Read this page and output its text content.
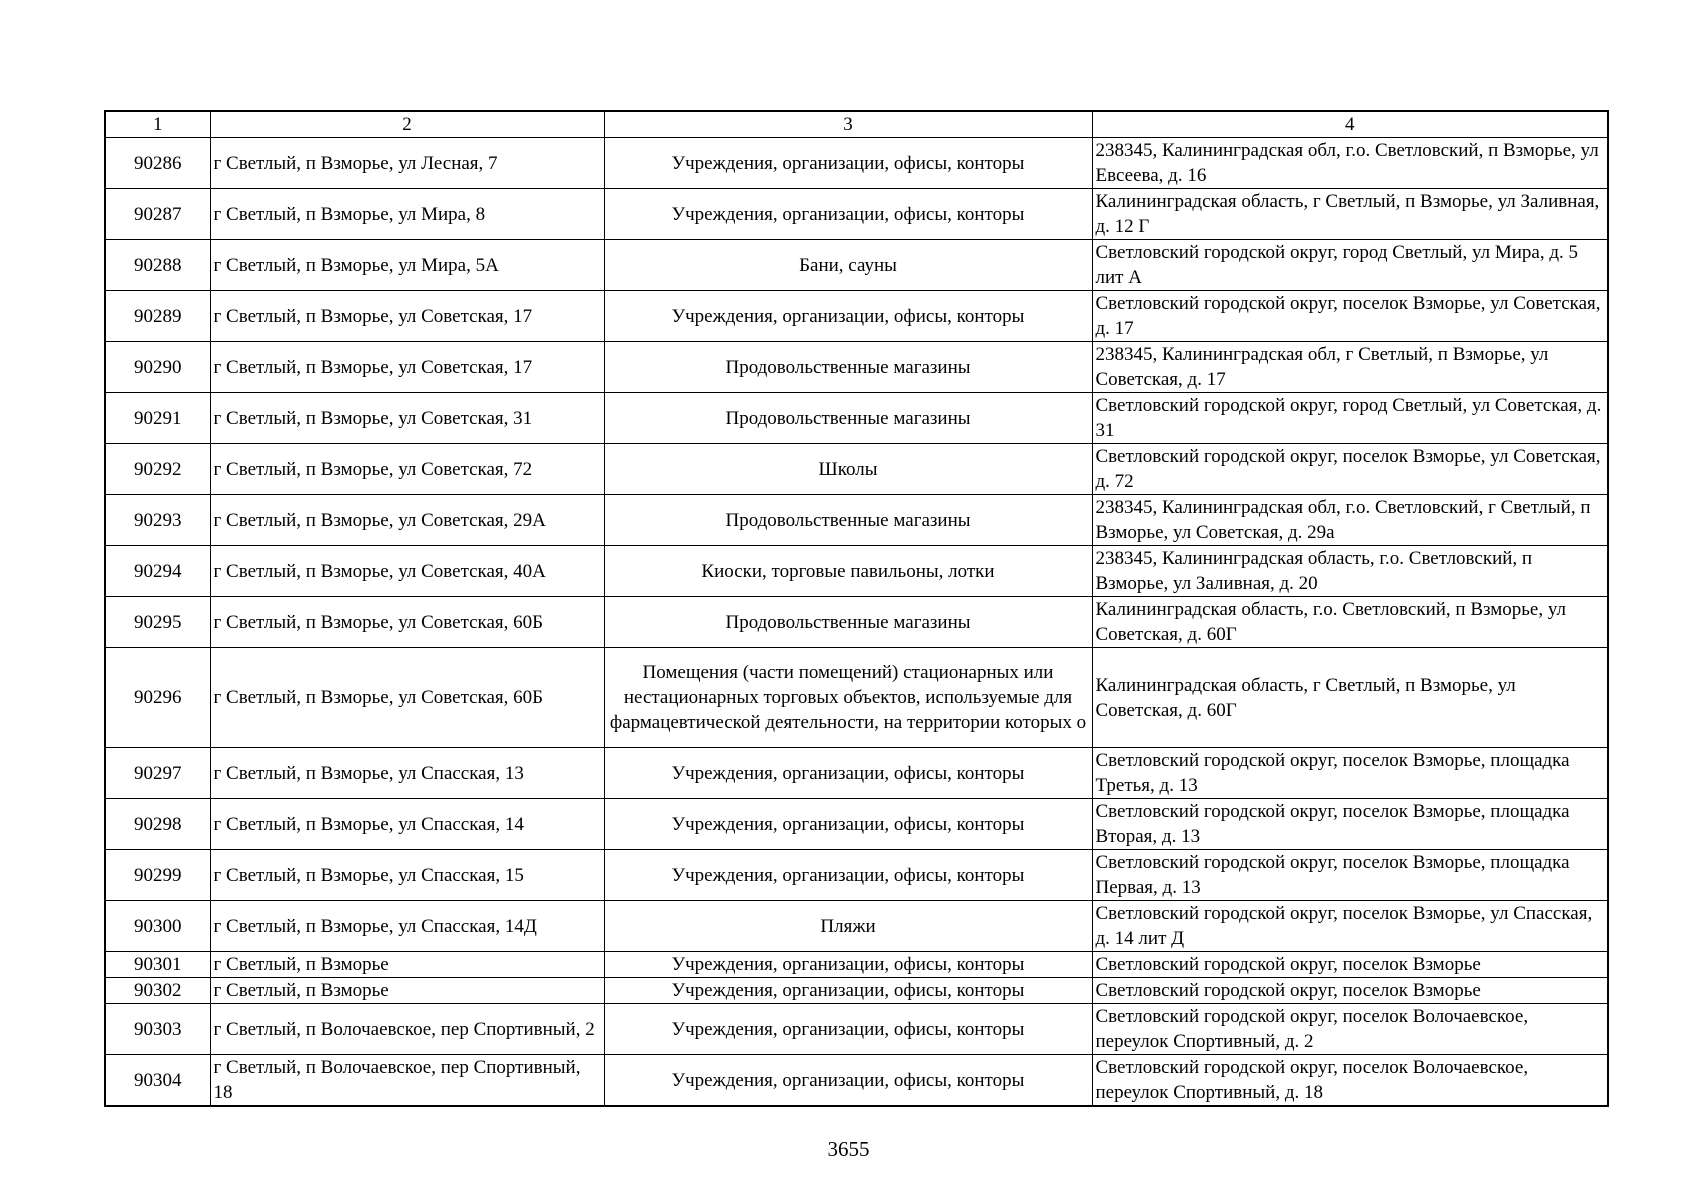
1	2	3	4
90286	г Светлый, п Взморье, ул Лесная, 7	Учреждения, организации, офисы, конторы	238345, Калининградская обл, г.о. Светловский, п Взморье, ул Евсеева, д. 16
90287	г Светлый, п Взморье, ул Мира, 8	Учреждения, организации, офисы, конторы	Калининградская область, г Светлый, п Взморье, ул Заливная, д. 12 Г
90288	г Светлый, п Взморье, ул Мира, 5А	Бани, сауны	Светловский городской округ, город Светлый, ул Мира, д. 5 лит А
90289	г Светлый, п Взморье, ул Советская, 17	Учреждения, организации, офисы, конторы	Светловский городской округ, поселок Взморье, ул Советская, д. 17
90290	г Светлый, п Взморье, ул Советская, 17	Продовольственные магазины	238345, Калининградская обл, г Светлый, п Взморье, ул Советская, д. 17
90291	г Светлый, п Взморье, ул Советская, 31	Продовольственные магазины	Светловский городской округ, город Светлый, ул Советская, д. 31
90292	г Светлый, п Взморье, ул Советская, 72	Школы	Светловский городской округ, поселок Взморье, ул Советская, д. 72
90293	г Светлый, п Взморье, ул Советская, 29А	Продовольственные магазины	238345, Калининградская обл, г.о. Светловский, г Светлый, п Взморье, ул Советская, д. 29а
90294	г Светлый, п Взморье, ул Советская, 40А	Киоски, торговые павильоны, лотки	238345, Калининградская область, г.о. Светловский, п Взморье, ул Заливная, д. 20
90295	г Светлый, п Взморье, ул Советская, 60Б	Продовольственные магазины	Калининградская область, г.о. Светловский, п Взморье, ул Советская, д. 60Г
90296	г Светлый, п Взморье, ул Советская, 60Б	Помещения (части помещений) стационарных или нестационарных торговых объектов, используемые для фармацевтической деятельности, на территории которых о	Калининградская область, г Светлый, п Взморье, ул Советская, д. 60Г
90297	г Светлый, п Взморье, ул Спасская, 13	Учреждения, организации, офисы, конторы	Светловский городской округ, поселок Взморье, площадка Третья, д. 13
90298	г Светлый, п Взморье, ул Спасская, 14	Учреждения, организации, офисы, конторы	Светловский городской округ, поселок Взморье, площадка Вторая, д. 13
90299	г Светлый, п Взморье, ул Спасская, 15	Учреждения, организации, офисы, конторы	Светловский городской округ, поселок Взморье, площадка Первая, д. 13
90300	г Светлый, п Взморье, ул Спасская, 14Д	Пляжи	Светловский городской округ, поселок Взморье, ул Спасская, д. 14 лит Д
90301	г Светлый, п Взморье	Учреждения, организации, офисы, конторы	Светловский городской округ, поселок Взморье
90302	г Светлый, п Взморье	Учреждения, организации, офисы, конторы	Светловский городской округ, поселок Взморье
90303	г Светлый, п Волочаевское, пер Спортивный, 2	Учреждения, организации, офисы, конторы	Светловский городской округ, поселок Волочаевское, переулок Спортивный, д. 2
90304	г Светлый, п Волочаевское, пер Спортивный, 18	Учреждения, организации, офисы, конторы	Светловский городской округ, поселок Волочаевское, переулок Спортивный, д. 18
3655
